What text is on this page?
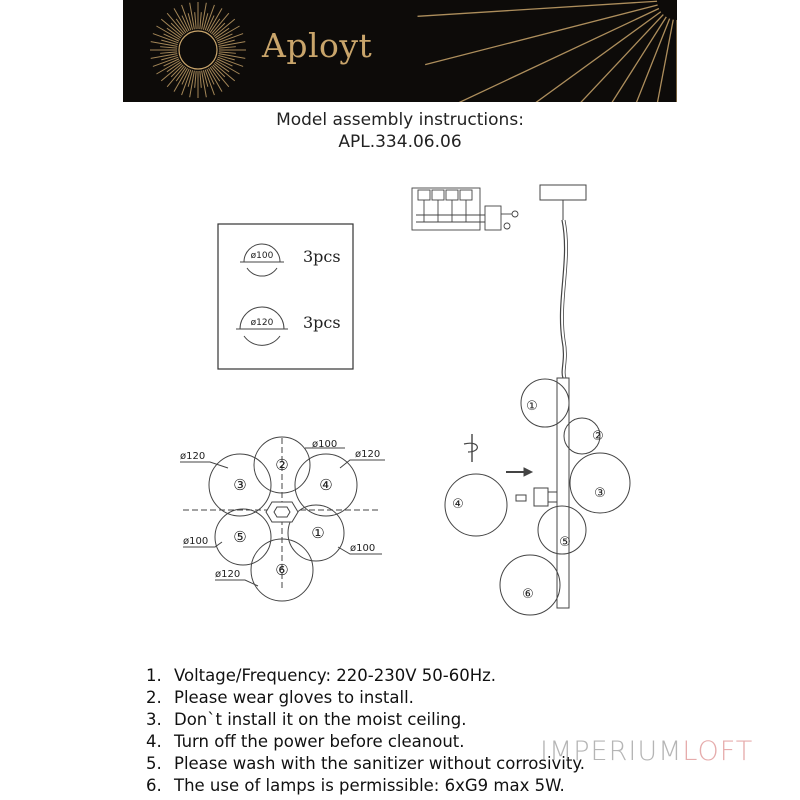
Aployt
Model assembly instructions:
APL.334.06.06
ø100 3pcs
ø120 3pcs
ø120
ø100
ø120
ø100
ø100
ø120
②
③	④
⑤	①
⑥
①
②
③
④
⑤
⑥
1. Voltage/Frequency: 220-230V 50-60Hz.
2. Please wear gloves to install.
3. Don`t install it on the moist ceiling.
4. Turn off the power before cleanout.
5. Please wash with the sanitizer without corrosivity.
6. The use of lamps is permissible: 6xG9 max 5W.
IMPERIUMLOFT
